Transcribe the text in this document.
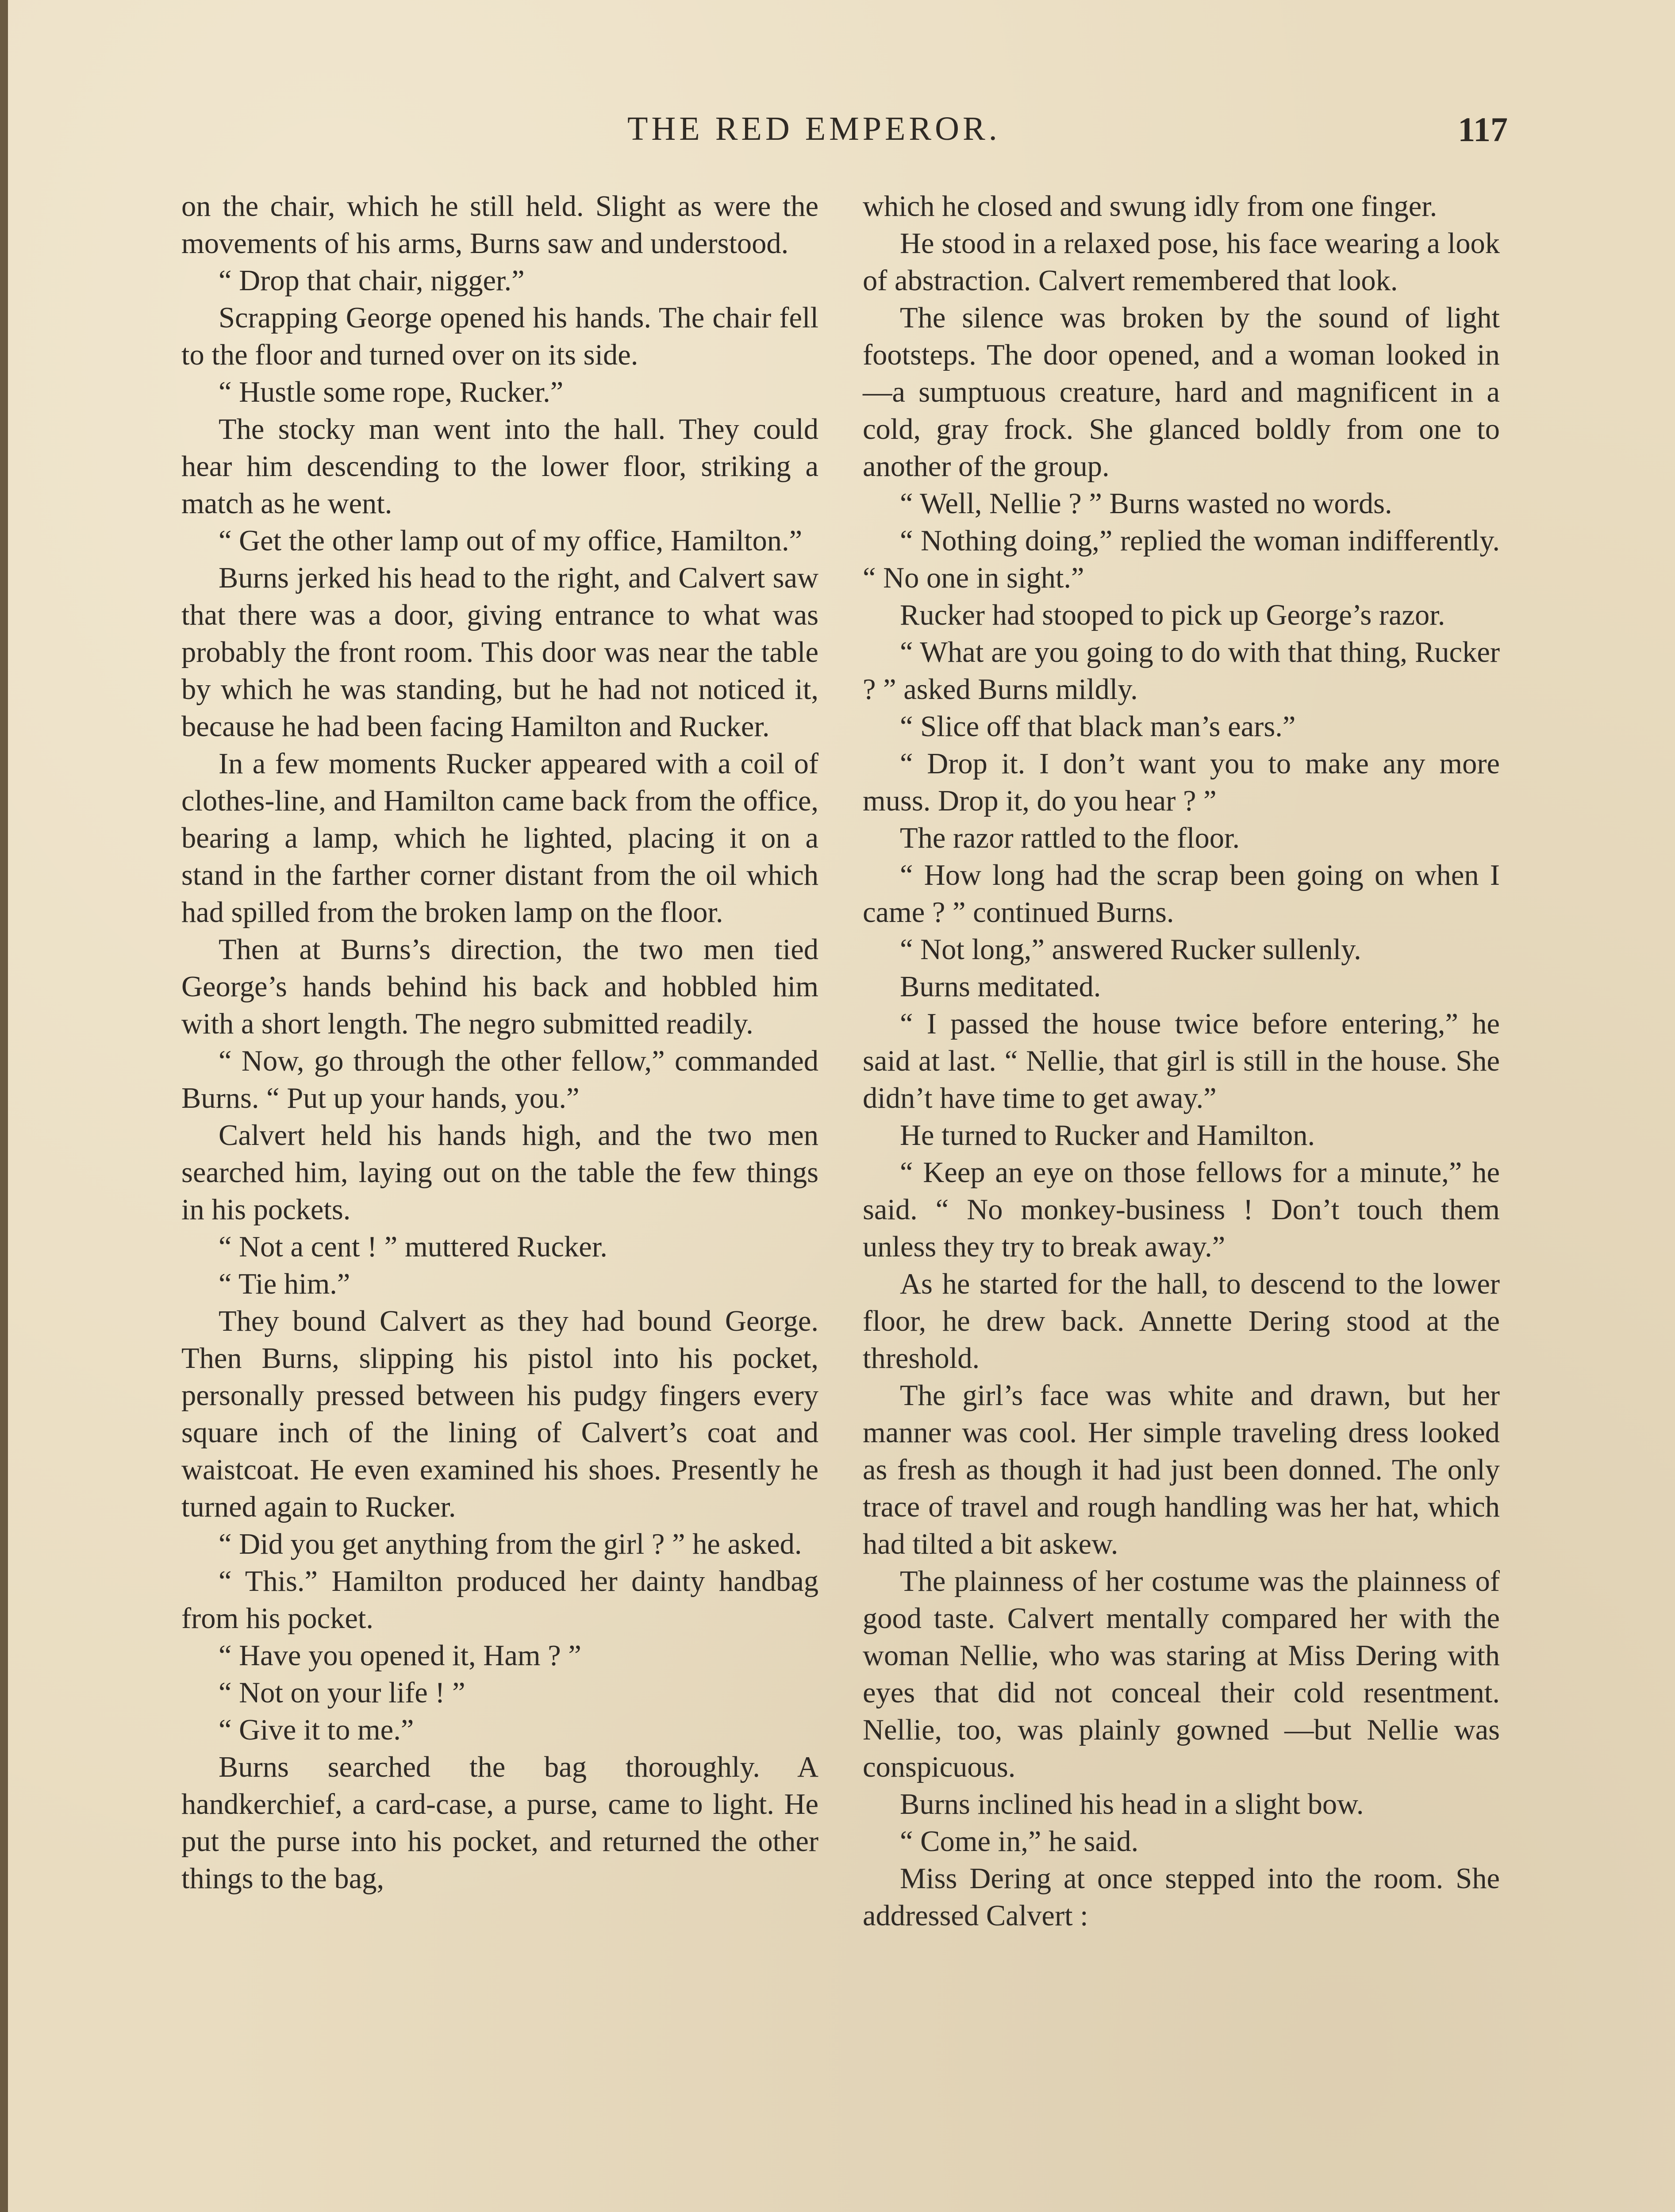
THE RED EMPEROR.	117

on the chair, which he still held. Slight as were the movements of his arms, Burns saw and understood.

“ Drop that chair, nigger.”

Scrapping George opened his hands. The chair fell to the floor and turned over on its side.

“ Hustle some rope, Rucker.”

The stocky man went into the hall. They could hear him descending to the lower floor, striking a match as he went.

“ Get the other lamp out of my office, Hamilton.”

Burns jerked his head to the right, and Calvert saw that there was a door, giving entrance to what was probably the front room. This door was near the table by which he was standing, but he had not noticed it, because he had been facing Hamilton and Rucker.

In a few moments Rucker appeared with a coil of clothes-line, and Hamilton came back from the office, bearing a lamp, which he lighted, placing it on a stand in the farther corner distant from the oil which had spilled from the broken lamp on the floor.

Then at Burns’s direction, the two men tied George’s hands behind his back and hobbled him with a short length. The negro submitted readily.

“ Now, go through the other fellow,” commanded Burns. “ Put up your hands, you.”

Calvert held his hands high, and the two men searched him, laying out on the table the few things in his pockets.

“ Not a cent ! ” muttered Rucker.

“ Tie him.”

They bound Calvert as they had bound George. Then Burns, slipping his pistol into his pocket, personally pressed between his pudgy fingers every square inch of the lining of Calvert’s coat and waistcoat. He even examined his shoes. Presently he turned again to Rucker.

“ Did you get anything from the girl ? ” he asked.

“ This.” Hamilton produced her dainty handbag from his pocket.

“ Have you opened it, Ham ? ”

“ Not on your life ! ”

“ Give it to me.”

Burns searched the bag thoroughly. A handkerchief, a card-case, a purse, came to light. He put the purse into his pocket, and returned the other things to the bag,

which he closed and swung idly from one finger.

He stood in a relaxed pose, his face wearing a look of abstraction. Calvert remembered that look.

The silence was broken by the sound of light footsteps. The door opened, and a woman looked in—a sumptuous creature, hard and magnificent in a cold, gray frock. She glanced boldly from one to another of the group.

“ Well, Nellie ? ” Burns wasted no words.

“ Nothing doing,” replied the woman indifferently. “ No one in sight.”

Rucker had stooped to pick up George’s razor.

“ What are you going to do with that thing, Rucker ? ” asked Burns mildly.

“ Slice off that black man’s ears.”

“ Drop it. I don’t want you to make any more muss. Drop it, do you hear ? ”

The razor rattled to the floor.

“ How long had the scrap been going on when I came ? ” continued Burns.

“ Not long,” answered Rucker sullenly.

Burns meditated.

“ I passed the house twice before entering,” he said at last. “ Nellie, that girl is still in the house. She didn’t have time to get away.”

He turned to Rucker and Hamilton.

“ Keep an eye on those fellows for a minute,” he said. “ No monkey-business ! Don’t touch them unless they try to break away.”

As he started for the hall, to descend to the lower floor, he drew back. Annette Dering stood at the threshold.

The girl’s face was white and drawn, but her manner was cool. Her simple traveling dress looked as fresh as though it had just been donned. The only trace of travel and rough handling was her hat, which had tilted a bit askew.

The plainness of her costume was the plainness of good taste. Calvert mentally compared her with the woman Nellie, who was staring at Miss Dering with eyes that did not conceal their cold resentment. Nellie, too, was plainly gowned —but Nellie was conspicuous.

Burns inclined his head in a slight bow.

“ Come in,” he said.

Miss Dering at once stepped into the room. She addressed Calvert :
